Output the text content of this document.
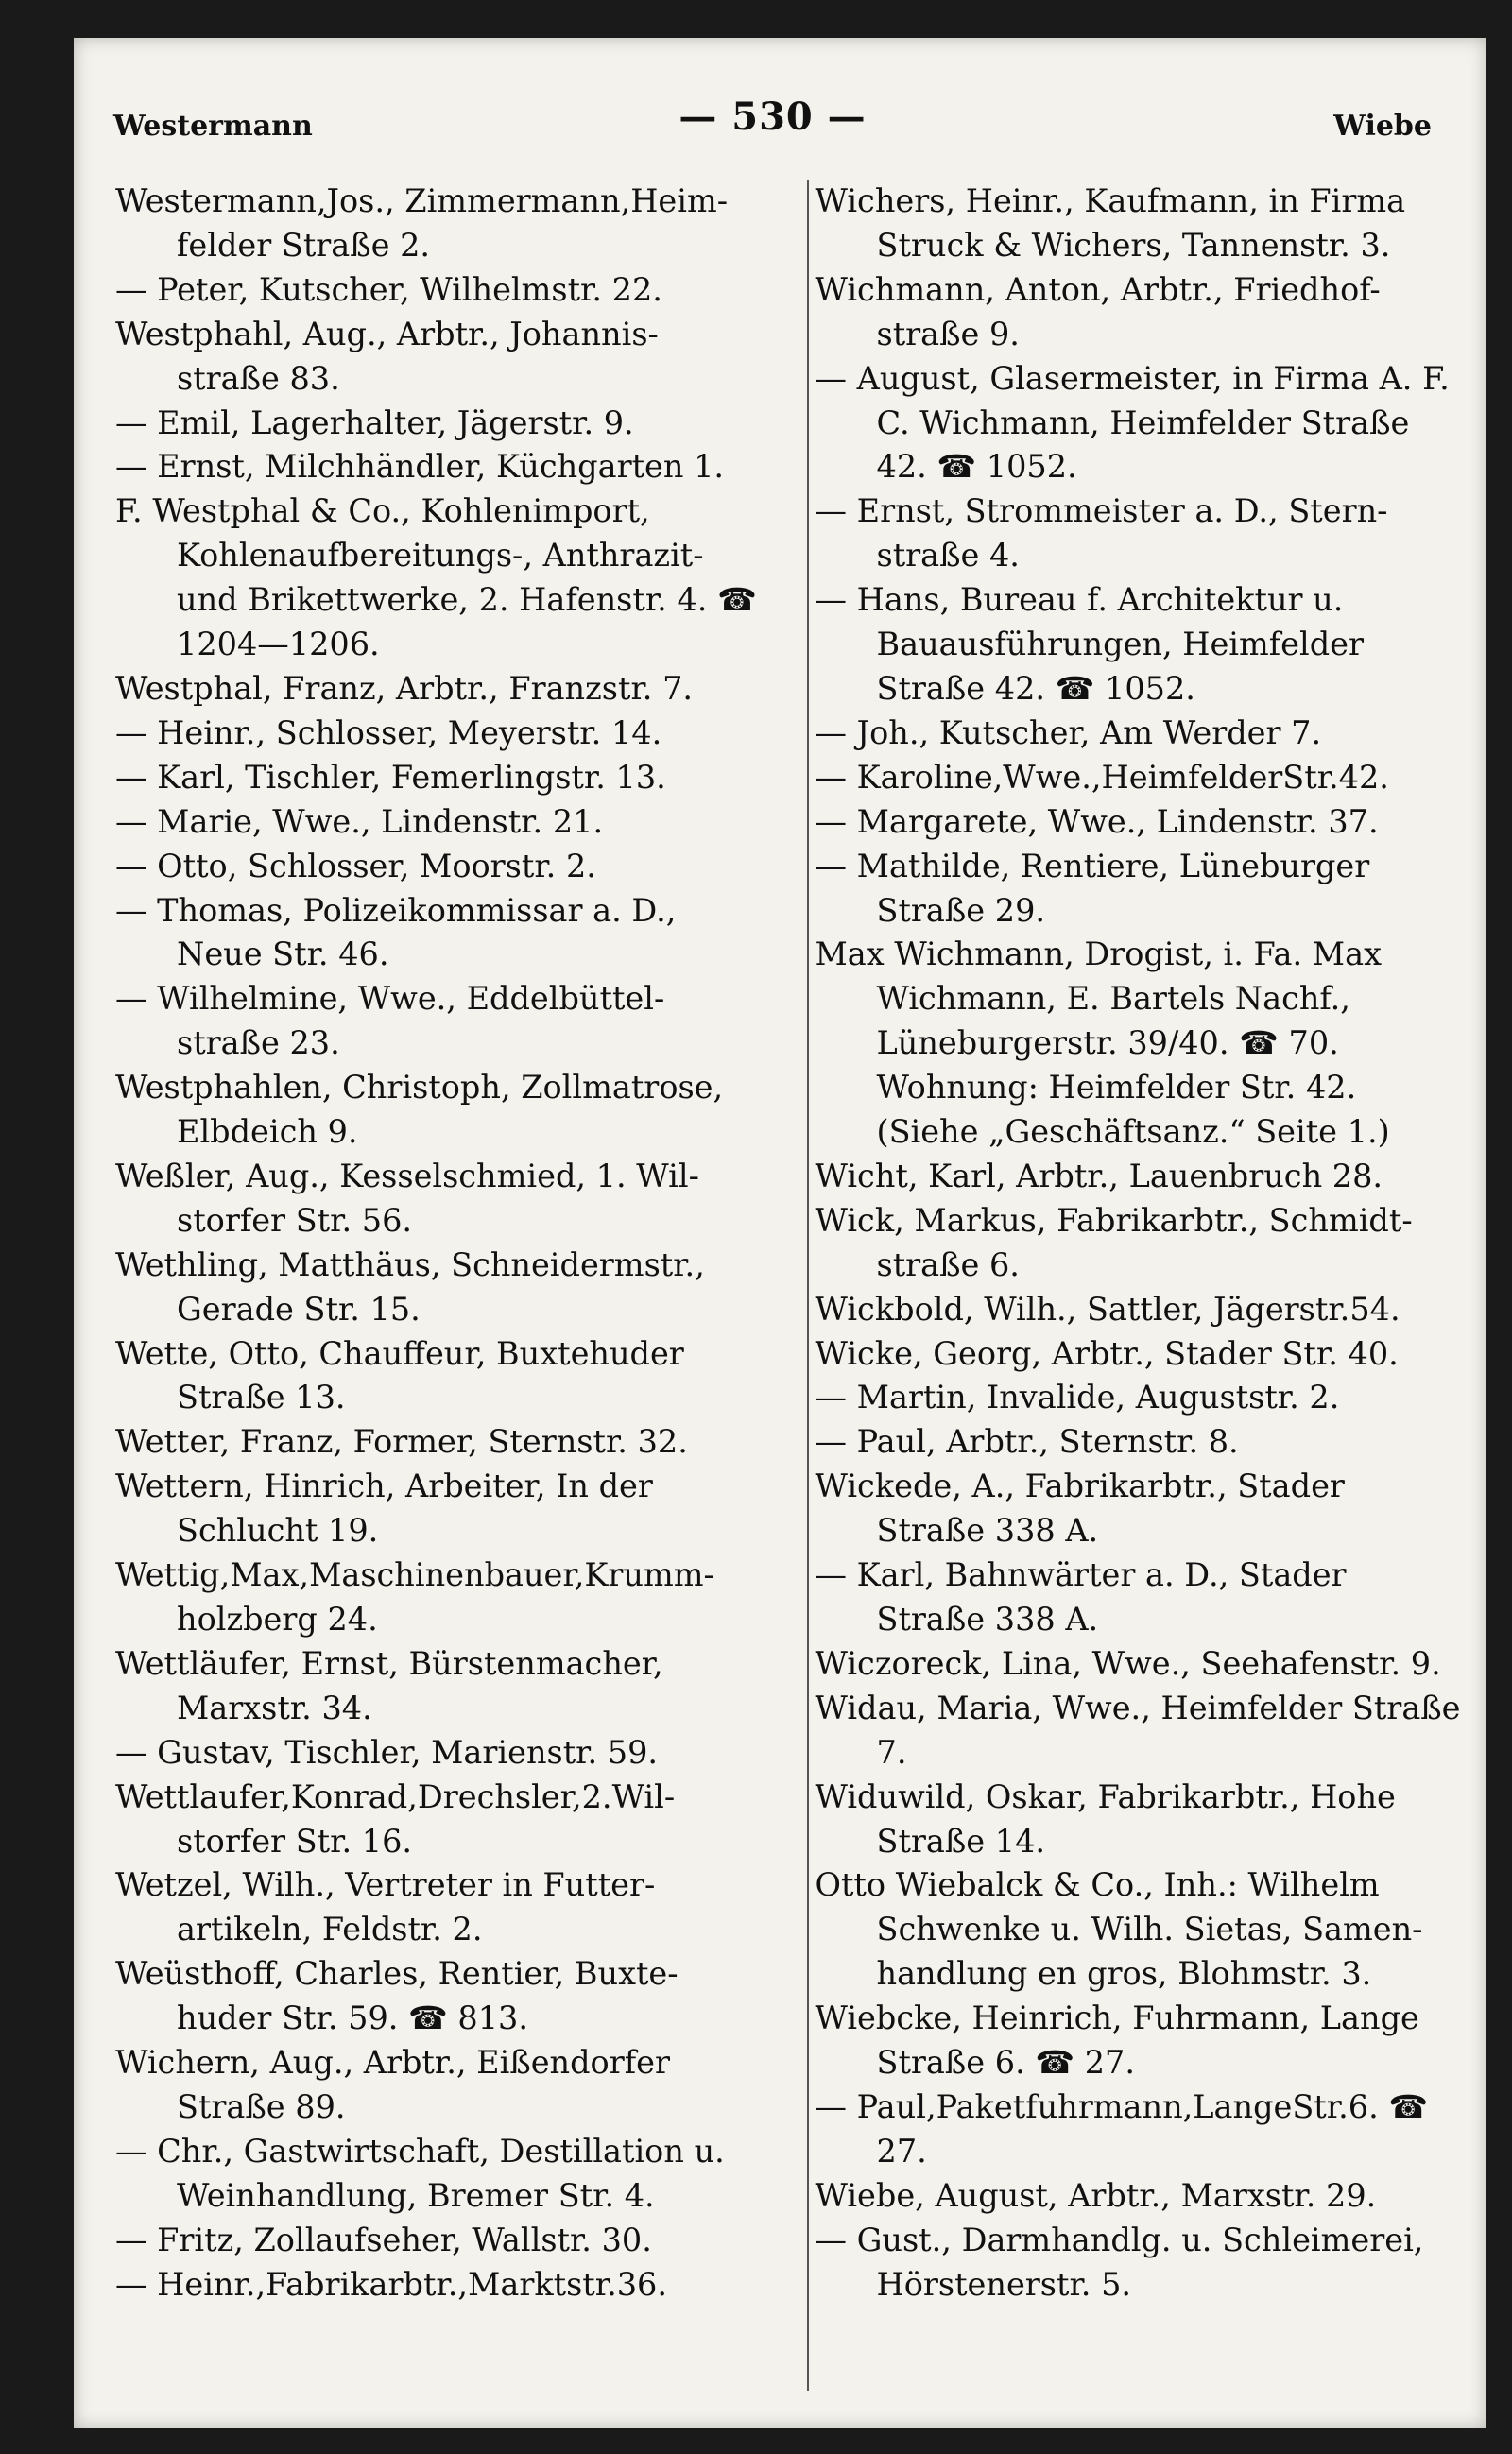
Westermann	— 530 —	Wiebe

Westermann,Jos., Zimmermann,Heim- felder Straße 2.

— Peter, Kutscher, Wilhelmstr. 22.

Westphahl, Aug., Arbtr., Johannis- straße 83.

— Emil, Lagerhalter, Jägerstr. 9.

— Ernst, Milchhändler, Küchgarten 1.

F. Westphal & Co., Kohlenimport, Kohlenaufbereitungs-, Anthrazit- und Brikettwerke, 2. Hafenstr. 4. ☎ 1204—1206.

Westphal, Franz, Arbtr., Franzstr. 7.

— Heinr., Schlosser, Meyerstr. 14.

— Karl, Tischler, Femerlingstr. 13.

— Marie, Wwe., Lindenstr. 21.

— Otto, Schlosser, Moorstr. 2.

— Thomas, Polizeikommissar a. D., Neue Str. 46.

— Wilhelmine, Wwe., Eddelbüttel- straße 23.

Westphahlen, Christoph, Zollmatrose, Elbdeich 9.

Weßler, Aug., Kesselschmied, 1. Wil- storfer Str. 56.

Wethling, Matthäus, Schneidermstr., Gerade Str. 15.

Wette, Otto, Chauffeur, Buxtehuder Straße 13.

Wetter, Franz, Former, Sternstr. 32.

Wettern, Hinrich, Arbeiter, In der Schlucht 19.

Wettig,Max,Maschinenbauer,Krumm- holzberg 24.

Wettläufer, Ernst, Bürstenmacher, Marxstr. 34.

— Gustav, Tischler, Marienstr. 59.

Wettlaufer,Konrad,Drechsler,2.Wil- storfer Str. 16.

Wetzel, Wilh., Vertreter in Futter- artikeln, Feldstr. 2.

Weüsthoff, Charles, Rentier, Buxte- huder Str. 59. ☎ 813.

Wichern, Aug., Arbtr., Eißendorfer Straße 89.

— Chr., Gastwirtschaft, Destillation u. Weinhandlung, Bremer Str. 4.

— Fritz, Zollaufseher, Wallstr. 30.

— Heinr.,Fabrikarbtr.,Marktstr.36.

Wichers, Heinr., Kaufmann, in Firma Struck & Wichers, Tannenstr. 3.

Wichmann, Anton, Arbtr., Friedhof- straße 9.

— August, Glasermeister, in Firma A. F. C. Wichmann, Heimfelder Straße 42. ☎ 1052.

— Ernst, Strommeister a. D., Stern- straße 4.

— Hans, Bureau f. Architektur u. Bauausführungen, Heimfelder Straße 42. ☎ 1052.

— Joh., Kutscher, Am Werder 7.

— Karoline,Wwe.,HeimfelderStr.42.

— Margarete, Wwe., Lindenstr. 37.

— Mathilde, Rentiere, Lüneburger Straße 29.

Max Wichmann, Drogist, i. Fa. Max Wichmann, E. Bartels Nachf., Lüneburgerstr. 39/40. ☎ 70. Wohnung: Heimfelder Str. 42. (Siehe „Geschäftsanz.“ Seite 1.)

Wicht, Karl, Arbtr., Lauenbruch 28.

Wick, Markus, Fabrikarbtr., Schmidt- straße 6.

Wickbold, Wilh., Sattler, Jägerstr.54.

Wicke, Georg, Arbtr., Stader Str. 40.

— Martin, Invalide, Auguststr. 2.

— Paul, Arbtr., Sternstr. 8.

Wickede, A., Fabrikarbtr., Stader Straße 338 A.

— Karl, Bahnwärter a. D., Stader Straße 338 A.

Wiczoreck, Lina, Wwe., Seehafenstr. 9.

Widau, Maria, Wwe., Heimfelder Straße 7.

Widuwild, Oskar, Fabrikarbtr., Hohe Straße 14.

Otto Wiebalck & Co., Inh.: Wilhelm Schwenke u. Wilh. Sietas, Samen- handlung en gros, Blohmstr. 3.

Wiebcke, Heinrich, Fuhrmann, Lange Straße 6. ☎ 27.

— Paul,Paketfuhrmann,LangeStr.6. ☎ 27.

Wiebe, August, Arbtr., Marxstr. 29.

— Gust., Darmhandlg. u. Schleimerei, Hörstenerstr. 5.
